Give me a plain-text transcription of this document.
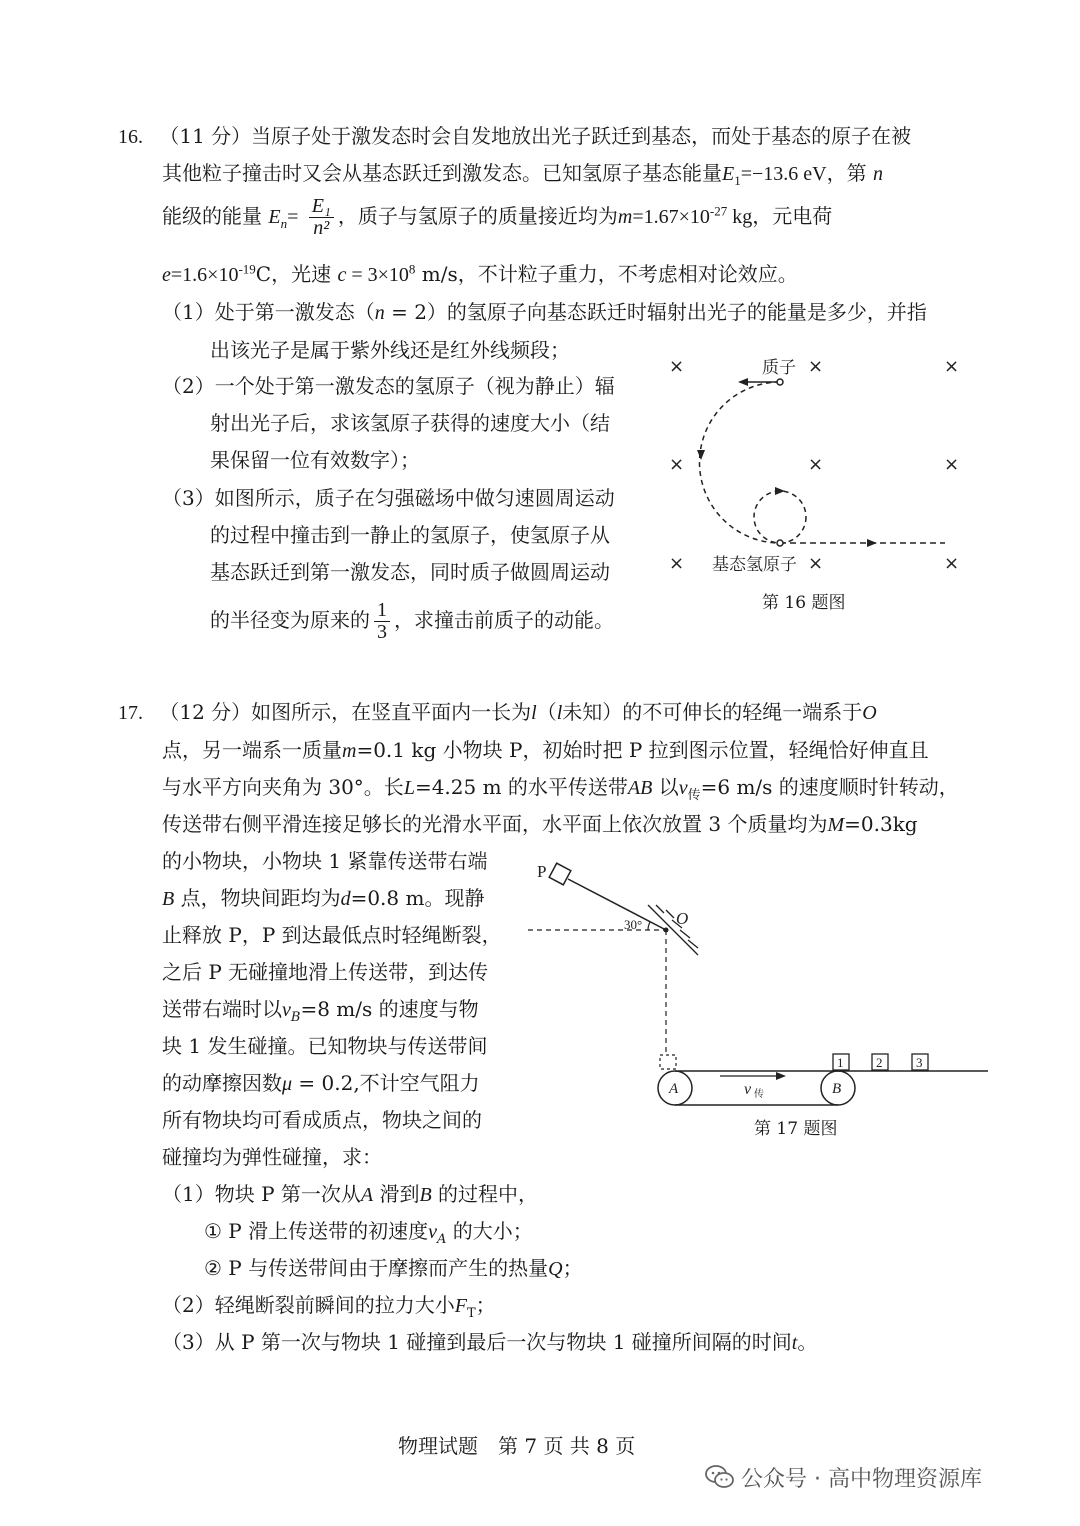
16. （11 分）当原子处于激发态时会自发地放出光子跃迁到基态，而处于基态的原子在被
其他粒子撞击时又会从基态跃迁到激发态。已知氢原子基态能量$E_1=-13.6$ eV，第 n
能级的能量 $E_n= \frac{\text{E₁}}{\text{n²}}$ ，质子与氢原子的质量接近均为$m=1.67\times 10^{-27}$ kg，元电荷
$e=1.6\times 10^{-19}C$，光速 $c = 3\times 10^8$ m/s，不计粒子重力，不考虑相对论效应。
（1）处于第一激发态（n = 2）的氢原子向基态跃迁时辐射出光子的能量是多少，并指
出该光子是属于紫外线还是红外线频段；
（2）一个处于第一激发态的氢原子（视为静止）辐
射出光子后，求该氢原子获得的速度大小（结
果保留一位有效数字）；
（3）如图所示，质子在匀强磁场中做匀速圆周运动
的过程中撞击到一静止的氢原子，使氢原子从
基态跃迁到第一激发态，同时质子做圆周运动
的半径变为原来的 $\frac{1}{3}$ ，求撞击前质子的动能。
×	×	×
×	×	×
×	×	×
质子
基态氢原子
第 16 题图
17. （12 分）如图所示，在竖直平面内一长为l（l未知）的不可伸长的轻绳一端系于O
点，另一端系一质量m=0.1 kg 小物块 P，初始时把 P 拉到图示位置，轻绳恰好伸直且
与水平方向夹角为 30°。长L=4.25 m 的水平传送带AB 以$v_传=6$ m/s 的速度顺时针转动，
传送带右侧平滑连接足够长的光滑水平面，水平面上依次放置 3 个质量均为M=0.3kg
的小物块，小物块 1 紧靠传送带右端
B 点，物块间距均为d=0.8 m。现静
止释放 P，P 到达最低点时轻绳断裂，
之后 P 无碰撞地滑上传送带，到达传
送带右端时以$v_B=8$ m/s 的速度与物
块 1 发生碰撞。已知物块与传送带间
的动摩擦因数μ = 0.2,不计空气阻力
所有物块均可看成质点，物块之间的
碰撞均为弹性碰撞，求：
（1）物块 P 第一次从A 滑到B 的过程中，
① P 滑上传送带的初速度$v_A$ 的大小；
② P 与传送带间由于摩擦而产生的热量Q；
（2）轻绳断裂前瞬间的拉力大小$F_T$；
（3）从 P 第一次与物块 1 碰撞到最后一次与物块 1 碰撞所间隔的时间t。
P
O
30°
A	B
v 传
1	2	3
第 17 题图
物理试题　第 7 页 共 8 页
公众号 · 高中物理资源库
